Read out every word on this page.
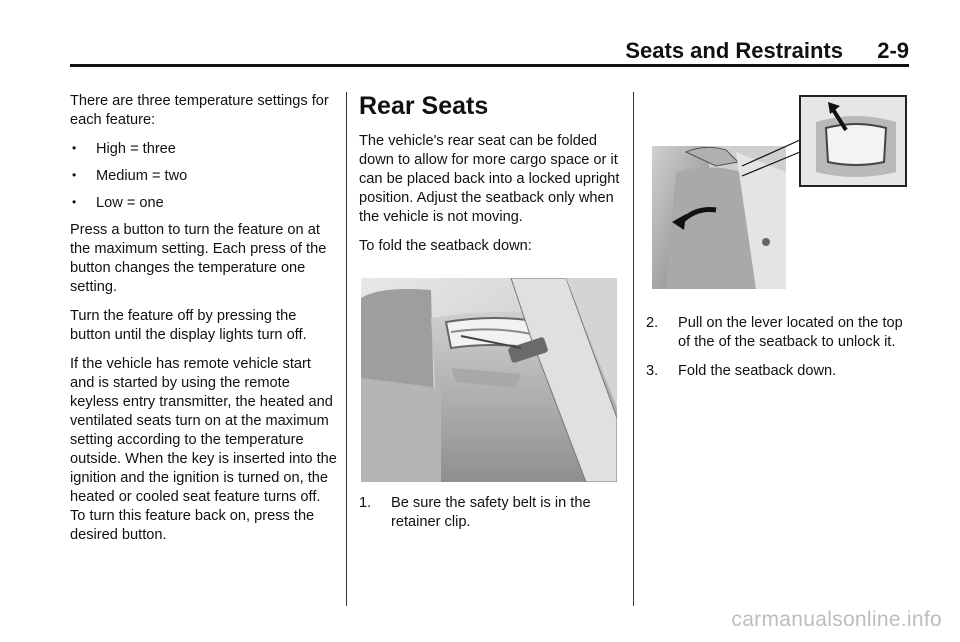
Seats and Restraints 2-9

There are three temperature settings for each feature:

• High = three
• Medium = two
• Low = one

Press a button to turn the feature on at the maximum setting. Each press of the button changes the temperature one setting.

Turn the feature off by pressing the button until the display lights turn off.

If the vehicle has remote vehicle start and is started by using the remote keyless entry transmitter, the heated and ventilated seats turn on at the maximum setting according to the temperature outside. When the key is inserted into the ignition and the ignition is turned on, the heated or cooled seat feature turns off. To turn this feature back on, press the desired button.

Rear Seats

The vehicle's rear seat can be folded down to allow for more cargo space or it can be placed back into a locked upright position. Adjust the seatback only when the vehicle is not moving.

To fold the seatback down:

1. Be sure the safety belt is in the retainer clip.
2. Pull on the lever located on the top of the of the seatback to unlock it.
3. Fold the seatback down.
carmanualsonline.info
